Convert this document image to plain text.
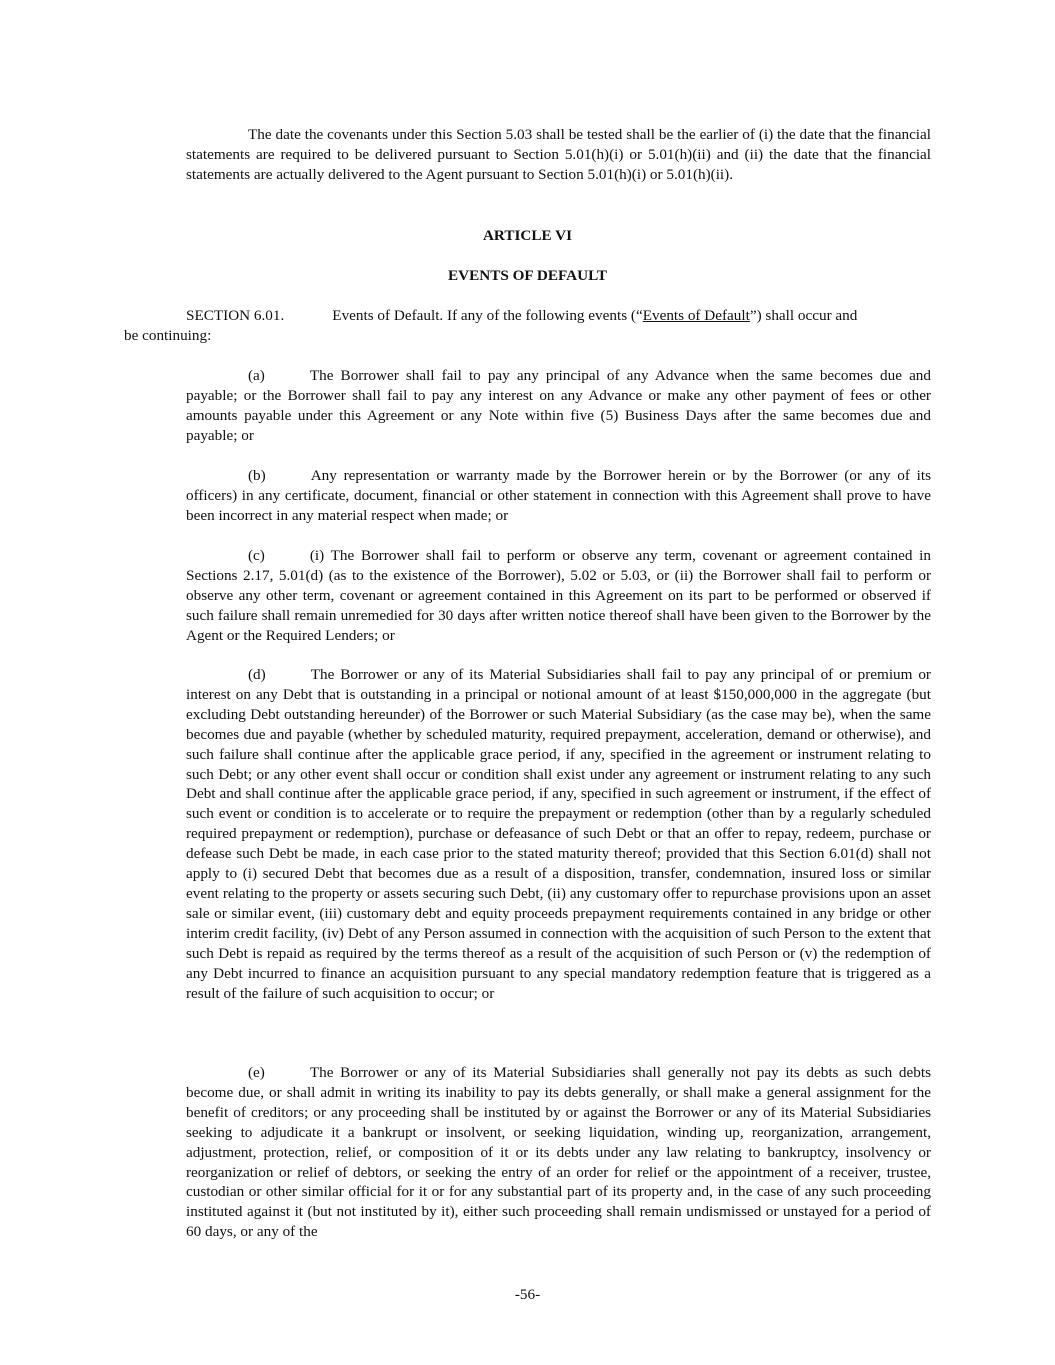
The date the covenants under this Section 5.03 shall be tested shall be the earlier of (i) the date that the financial statements are required to be delivered pursuant to Section 5.01(h)(i) or 5.01(h)(ii) and (ii) the date that the financial statements are actually delivered to the Agent pursuant to Section 5.01(h)(i) or 5.01(h)(ii).

ARTICLE VI

EVENTS OF DEFAULT

SECTION 6.01.	Events of Default. If any of the following events (“Events of Default”) shall occur and
be continuing:

(a)	The Borrower shall fail to pay any principal of any Advance when the same becomes due and payable; or the Borrower shall fail to pay any interest on any Advance or make any other payment of fees or other amounts payable under this Agreement or any Note within five (5) Business Days after the same becomes due and payable; or

(b)	Any representation or warranty made by the Borrower herein or by the Borrower (or any of its officers) in any certificate, document, financial or other statement in connection with this Agreement shall prove to have been incorrect in any material respect when made; or

(c)	(i) The Borrower shall fail to perform or observe any term, covenant or agreement contained in Sections 2.17, 5.01(d) (as to the existence of the Borrower), 5.02 or 5.03, or (ii) the Borrower shall fail to perform or observe any other term, covenant or agreement contained in this Agreement on its part to be performed or observed if such failure shall remain unremedied for 30 days after written notice thereof shall have been given to the Borrower by the Agent or the Required Lenders; or

(d)	The Borrower or any of its Material Subsidiaries shall fail to pay any principal of or premium or interest on any Debt that is outstanding in a principal or notional amount of at least $150,000,000 in the aggregate (but excluding Debt outstanding hereunder) of the Borrower or such Material Subsidiary (as the case may be), when the same becomes due and payable (whether by scheduled maturity, required prepayment, acceleration, demand or otherwise), and such failure shall continue after the applicable grace period, if any, specified in the agreement or instrument relating to such Debt; or any other event shall occur or condition shall exist under any agreement or instrument relating to any such Debt and shall continue after the applicable grace period, if any, specified in such agreement or instrument, if the effect of such event or condition is to accelerate or to require the prepayment or redemption (other than by a regularly scheduled required prepayment or redemption), purchase or defeasance of such Debt or that an offer to repay, redeem, purchase or defease such Debt be made, in each case prior to the stated maturity thereof; provided that this Section 6.01(d) shall not apply to (i) secured Debt that becomes due as a result of a disposition, transfer, condemnation, insured loss or similar event relating to the property or assets securing such Debt, (ii) any customary offer to repurchase provisions upon an asset sale or similar event, (iii) customary debt and equity proceeds prepayment requirements contained in any bridge or other interim credit facility, (iv) Debt of any Person assumed in connection with the acquisition of such Person to the extent that such Debt is repaid as required by the terms thereof as a result of the acquisition of such Person or (v) the redemption of any Debt incurred to finance an acquisition pursuant to any special mandatory redemption feature that is triggered as a result of the failure of such acquisition to occur; or

(e)	The Borrower or any of its Material Subsidiaries shall generally not pay its debts as such debts become due, or shall admit in writing its inability to pay its debts generally, or shall make a general assignment for the benefit of creditors; or any proceeding shall be instituted by or against the Borrower or any of its Material Subsidiaries seeking to adjudicate it a bankrupt or insolvent, or seeking liquidation, winding up, reorganization, arrangement, adjustment, protection, relief, or composition of it or its debts under any law relating to bankruptcy, insolvency or reorganization or relief of debtors, or seeking the entry of an order for relief or the appointment of a receiver, trustee, custodian or other similar official for it or for any substantial part of its property and, in the case of any such proceeding instituted against it (but not instituted by it), either such proceeding shall remain undismissed or unstayed for a period of 60 days, or any of the

-56-
